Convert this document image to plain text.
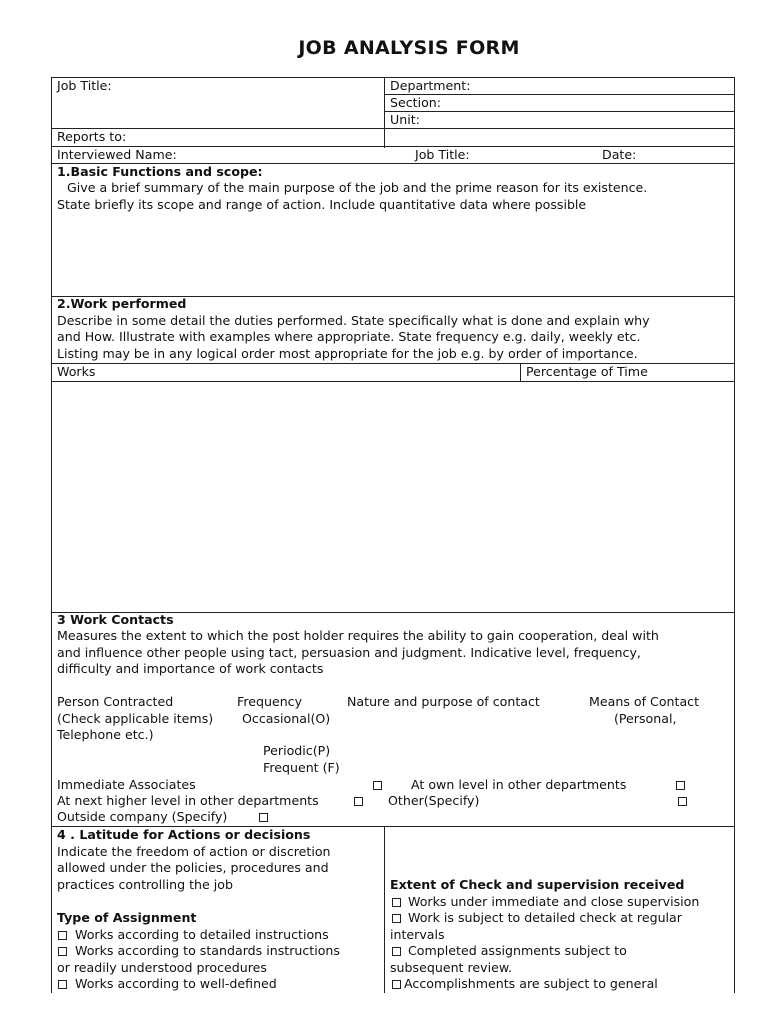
JOB ANALYSIS FORM
Job Title:	Department:
Section:
Unit:
Reports to:
Interviewed Name:	Job Title:	Date:
1.Basic Functions and scope:
Give a brief summary of the main purpose of the job and the prime reason for its existence.
State briefly its scope and range of action. Include quantitative data where possible
2.Work performed
Describe in some detail the duties performed. State specifically what is done and explain why
and How. Illustrate with examples where appropriate. State frequency e.g. daily, weekly etc.
Listing may be in any logical order most appropriate for the job e.g. by order of importance.
Works	Percentage of Time
3 Work Contacts
Measures the extent to which the post holder requires the ability to gain cooperation, deal with
and influence other people using tact, persuasion and judgment. Indicative level, frequency,
difficulty and importance of work contacts
Person Contracted	Frequency	Nature and purpose of contact	Means of Contact
(Check applicable items) Occasional(O)	(Personal,
Telephone etc.)
Periodic(P)
Frequent (F)
Immediate Associates	At own level in other departments
At next higher level in other departments	Other(Specify)
Outside company (Specify)
4 . Latitude for Actions or decisions
Indicate the freedom of action or discretion
allowed under the policies, procedures and
practices controlling the job
Type of Assignment
Works according to detailed instructions
Works according to standards instructions
or readily understood procedures
Works according to well-defined
Extent of Check and supervision received
Works under immediate and close supervision
Work is subject to detailed check at regular
intervals
Completed assignments subject to
subsequent review.
Accomplishments are subject to general
